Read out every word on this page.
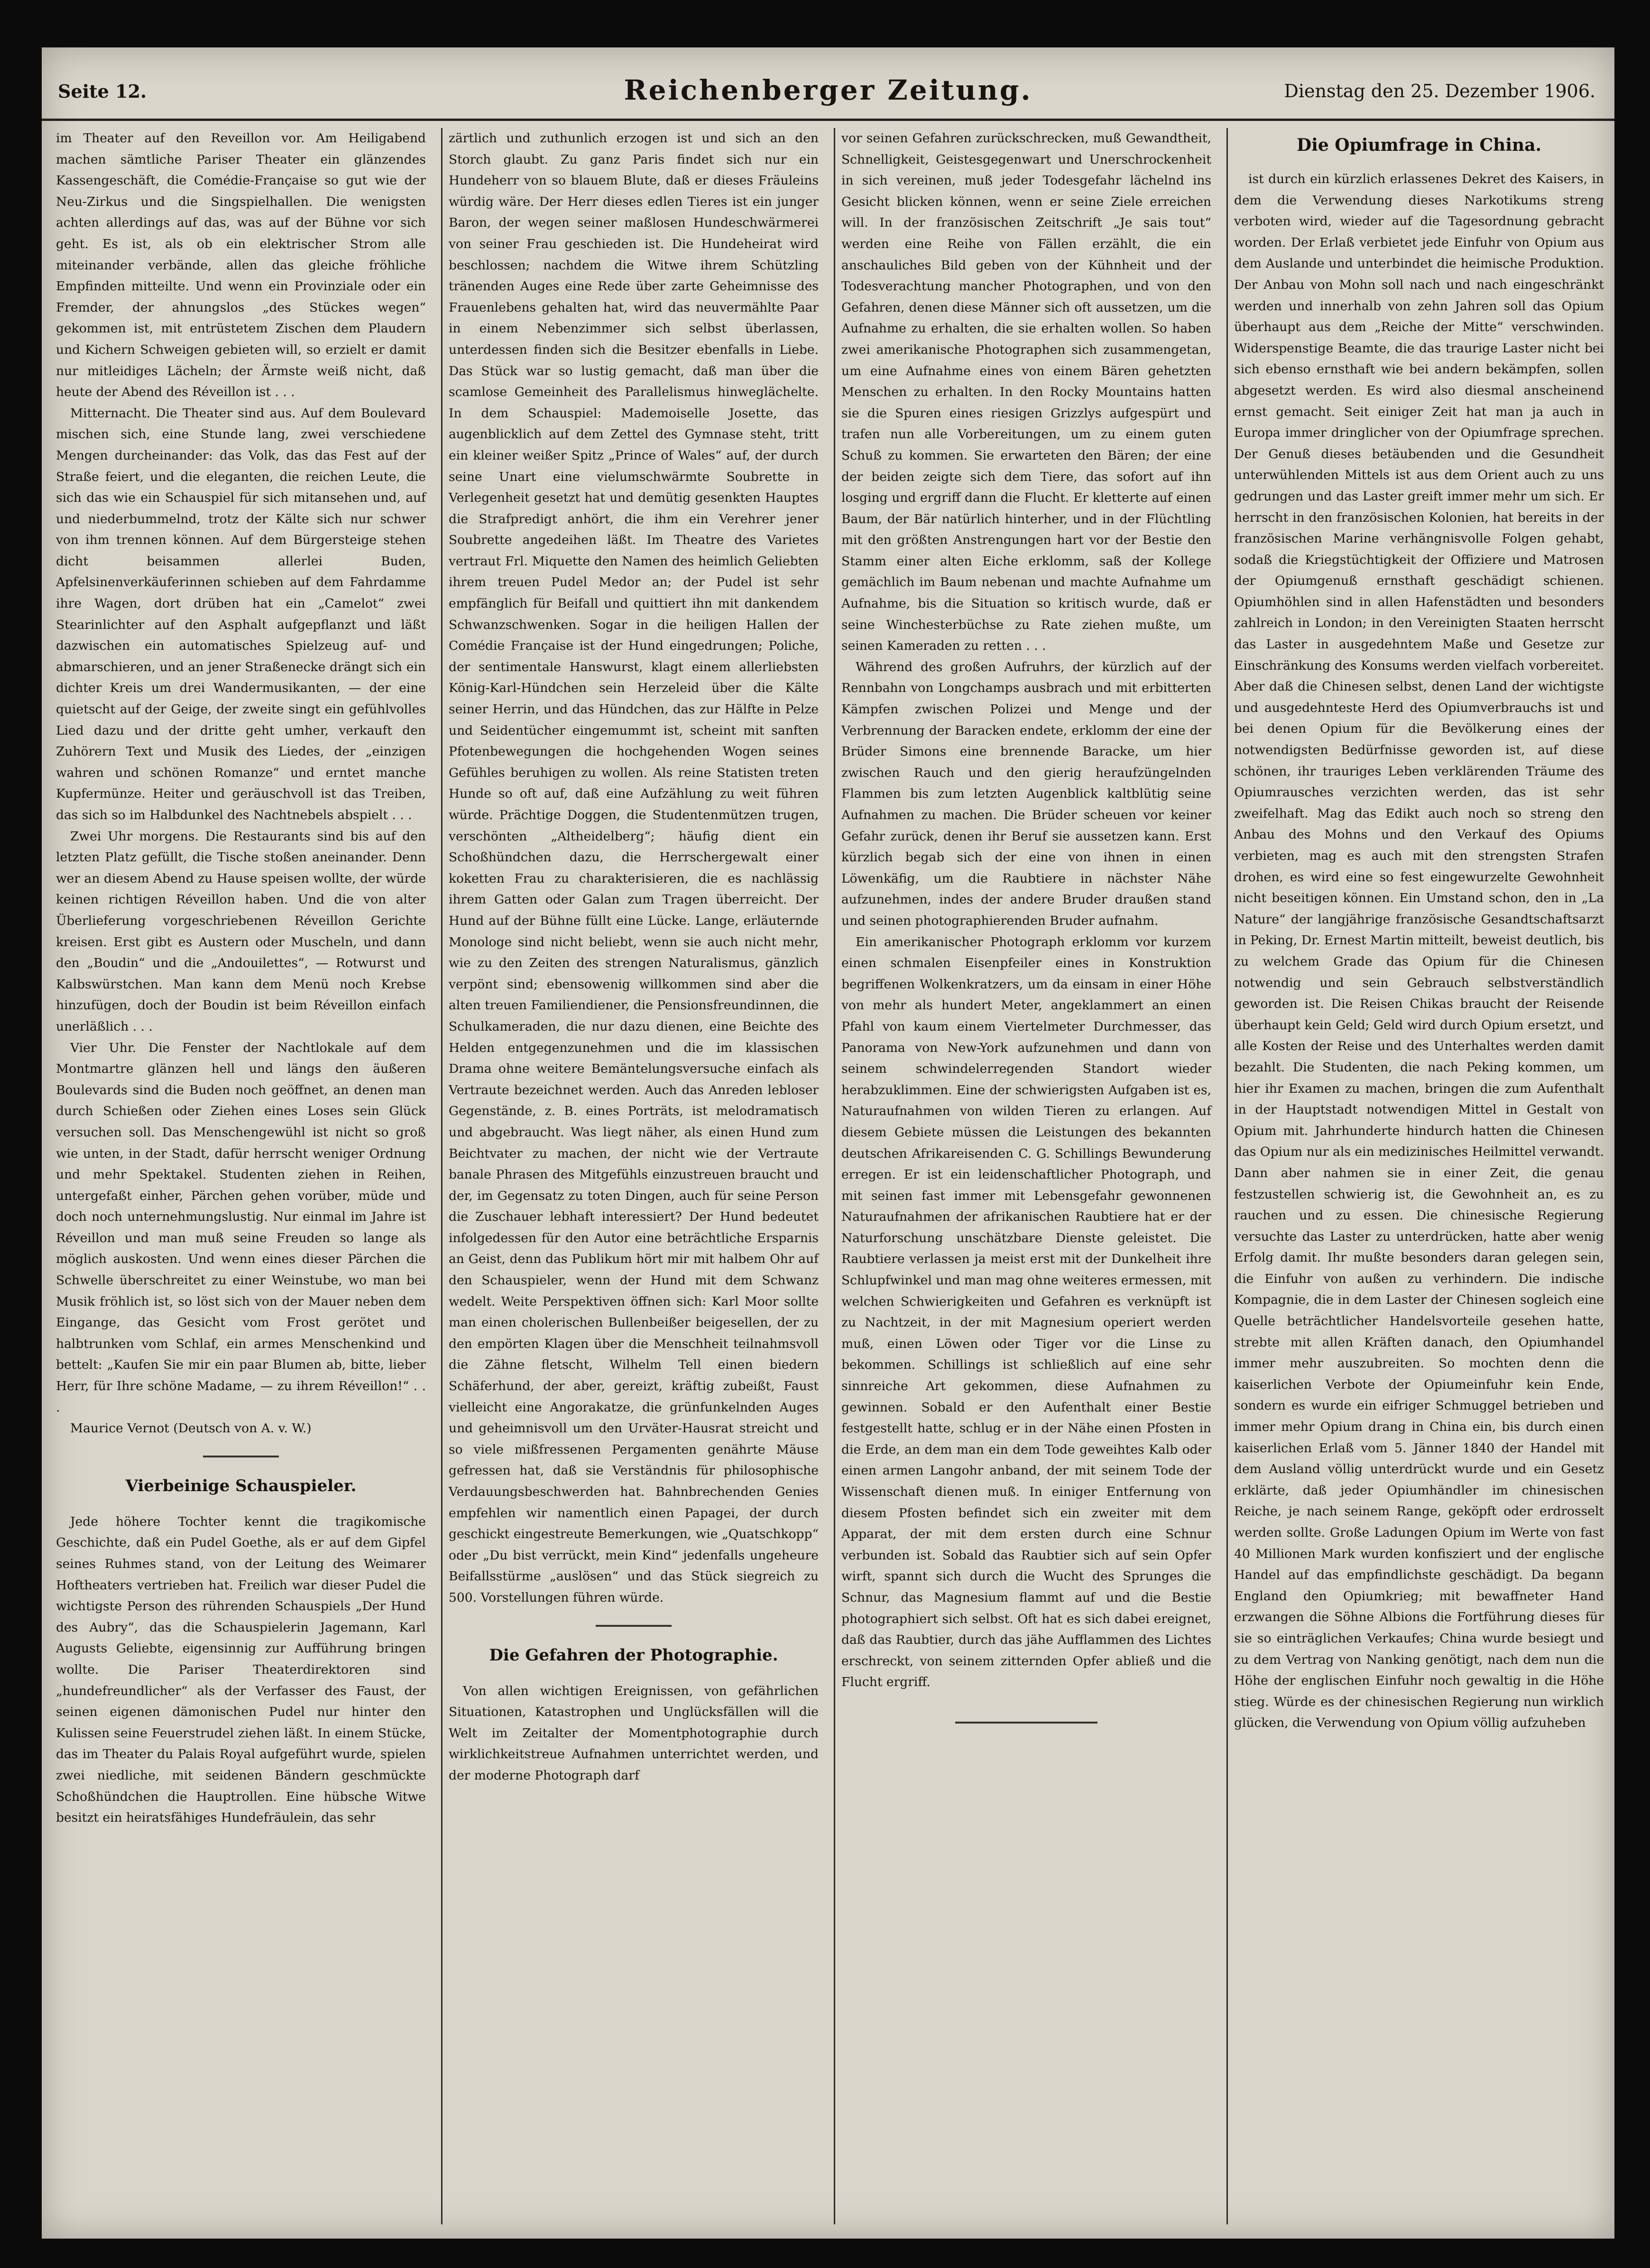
Seite 12.	Reichenberger Zeitung.	Dienstag den 25. Dezember 1906.

im Theater auf den Reveillon vor. Am Heiligabend machen sämtliche Pariser Theater ein glänzendes Kassengeschäft, die Comédie-Française so gut wie der Neu-Zirkus und die Singspielhallen. Die wenigsten achten allerdings auf das, was auf der Bühne vor sich geht. Es ist, als ob ein elektrischer Strom alle miteinander verbände, allen das gleiche fröhliche Empfinden mitteilte. Und wenn ein Provinziale oder ein Fremder, der ahnungslos „des Stückes wegen“ gekommen ist, mit entrüstetem Zischen dem Plaudern und Kichern Schweigen gebieten will, so erzielt er damit nur mitleidiges Lächeln; der Ärmste weiß nicht, daß heute der Abend des Réveillon ist . . .

Mitternacht. Die Theater sind aus. Auf dem Boulevard mischen sich, eine Stunde lang, zwei verschiedene Mengen durcheinander: das Volk, das das Fest auf der Straße feiert, und die eleganten, die reichen Leute, die sich das wie ein Schauspiel für sich mitansehen und, auf und niederbummelnd, trotz der Kälte sich nur schwer von ihm trennen können. Auf dem Bürgersteige stehen dicht beisammen allerlei Buden, Apfelsinenverkäuferinnen schieben auf dem Fahrdamme ihre Wagen, dort drüben hat ein „Camelot“ zwei Stearinlichter auf den Asphalt aufgepflanzt und läßt dazwischen ein automatisches Spielzeug auf- und abmarschieren, und an jener Straßenecke drängt sich ein dichter Kreis um drei Wandermusikanten, — der eine quietscht auf der Geige, der zweite singt ein gefühlvolles Lied dazu und der dritte geht umher, verkauft den Zuhörern Text und Musik des Liedes, der „einzigen wahren und schönen Romanze“ und erntet manche Kupfermünze. Heiter und geräuschvoll ist das Treiben, das sich so im Halbdunkel des Nachtnebels abspielt . . .

Zwei Uhr morgens. Die Restaurants sind bis auf den letzten Platz gefüllt, die Tische stoßen aneinander. Denn wer an diesem Abend zu Hause speisen wollte, der würde keinen richtigen Réveillon haben. Und die von alter Überlieferung vorgeschriebenen Réveillon Gerichte kreisen. Erst gibt es Austern oder Muscheln, und dann den „Boudin“ und die „Andouilettes“, — Rotwurst und Kalbswürstchen. Man kann dem Menü noch Krebse hinzufügen, doch der Boudin ist beim Réveillon einfach unerläßlich . . .

Vier Uhr. Die Fenster der Nachtlokale auf dem Montmartre glänzen hell und längs den äußeren Boulevards sind die Buden noch geöffnet, an denen man durch Schießen oder Ziehen eines Loses sein Glück versuchen soll. Das Menschengewühl ist nicht so groß wie unten, in der Stadt, dafür herrscht weniger Ordnung und mehr Spektakel. Studenten ziehen in Reihen, untergefaßt einher, Pärchen gehen vorüber, müde und doch noch unternehmungslustig. Nur einmal im Jahre ist Réveillon und man muß seine Freuden so lange als möglich auskosten. Und wenn eines dieser Pärchen die Schwelle überschreitet zu einer Weinstube, wo man bei Musik fröhlich ist, so löst sich von der Mauer neben dem Eingange, das Gesicht vom Frost gerötet und halbtrunken vom Schlaf, ein armes Menschenkind und bettelt: „Kaufen Sie mir ein paar Blumen ab, bitte, lieber Herr, für Ihre schöne Madame, — zu ihrem Réveillon!“ . . .

Maurice Vernot (Deutsch von A. v. W.)

Vierbeinige Schauspieler.

Jede höhere Tochter kennt die tragikomische Geschichte, daß ein Pudel Goethe, als er auf dem Gipfel seines Ruhmes stand, von der Leitung des Weimarer Hoftheaters vertrieben hat. Freilich war dieser Pudel die wichtigste Person des rührenden Schauspiels „Der Hund des Aubry“, das die Schauspielerin Jagemann, Karl Augusts Geliebte, eigensinnig zur Aufführung bringen wollte. Die Pariser Theaterdirektoren sind „hundefreundlicher“ als der Verfasser des Faust, der seinen eigenen dämonischen Pudel nur hinter den Kulissen seine Feuerstrudel ziehen läßt. In einem Stücke, das im Theater du Palais Royal aufgeführt wurde, spielen zwei niedliche, mit seidenen Bändern geschmückte Schoßhündchen die Hauptrollen. Eine hübsche Witwe besitzt ein heiratsfähiges Hundefräulein, das sehr

zärtlich und zuthunlich erzogen ist und sich an den Storch glaubt. Zu ganz Paris findet sich nur ein Hundeherr von so blauem Blute, daß er dieses Fräuleins würdig wäre. Der Herr dieses edlen Tieres ist ein junger Baron, der wegen seiner maßlosen Hundeschwärmerei von seiner Frau geschieden ist. Die Hundeheirat wird beschlossen; nachdem die Witwe ihrem Schützling tränenden Auges eine Rede über zarte Geheimnisse des Frauenlebens gehalten hat, wird das neuvermählte Paar in einem Nebenzimmer sich selbst überlassen, unterdessen finden sich die Besitzer ebenfalls in Liebe. Das Stück war so lustig gemacht, daß man über die scamlose Gemeinheit des Parallelismus hinweglächelte. In dem Schauspiel: Mademoiselle Josette, das augenblicklich auf dem Zettel des Gymnase steht, tritt ein kleiner weißer Spitz „Prince of Wales“ auf, der durch seine Unart eine vielumschwärmte Soubrette in Verlegenheit gesetzt hat und demütig gesenkten Hauptes die Strafpredigt anhört, die ihm ein Verehrer jener Soubrette angedeihen läßt. Im Theatre des Varietes vertraut Frl. Miquette den Namen des heimlich Geliebten ihrem treuen Pudel Medor an; der Pudel ist sehr empfänglich für Beifall und quittiert ihn mit dankendem Schwanzschwenken. Sogar in die heiligen Hallen der Comédie Française ist der Hund eingedrungen; Poliche, der sentimentale Hanswurst, klagt einem allerliebsten König-Karl-Hündchen sein Herzeleid über die Kälte seiner Herrin, und das Hündchen, das zur Hälfte in Pelze und Seidentücher eingemummt ist, scheint mit sanften Pfotenbewegungen die hochgehenden Wogen seines Gefühles beruhigen zu wollen. Als reine Statisten treten Hunde so oft auf, daß eine Aufzählung zu weit führen würde. Prächtige Doggen, die Studentenmützen trugen, verschönten „Altheidelberg“; häufig dient ein Schoßhündchen dazu, die Herrschergewalt einer koketten Frau zu charakterisieren, die es nachlässig ihrem Gatten oder Galan zum Tragen überreicht. Der Hund auf der Bühne füllt eine Lücke. Lange, erläuternde Monologe sind nicht beliebt, wenn sie auch nicht mehr, wie zu den Zeiten des strengen Naturalismus, gänzlich verpönt sind; ebensowenig willkommen sind aber die alten treuen Familiendiener, die Pensionsfreundinnen, die Schulkameraden, die nur dazu dienen, eine Beichte des Helden entgegenzunehmen und die im klassischen Drama ohne weitere Bemäntelungsversuche einfach als Vertraute bezeichnet werden. Auch das Anreden lebloser Gegenstände, z. B. eines Porträts, ist melodramatisch und abgebraucht. Was liegt näher, als einen Hund zum Beichtvater zu machen, der nicht wie der Vertraute banale Phrasen des Mitgefühls einzustreuen braucht und der, im Gegensatz zu toten Dingen, auch für seine Person die Zuschauer lebhaft interessiert? Der Hund bedeutet infolgedessen für den Autor eine beträchtliche Ersparnis an Geist, denn das Publikum hört mir mit halbem Ohr auf den Schauspieler, wenn der Hund mit dem Schwanz wedelt. Weite Perspektiven öffnen sich: Karl Moor sollte man einen cholerischen Bullenbeißer beigesellen, der zu den empörten Klagen über die Menschheit teilnahmsvoll die Zähne fletscht, Wilhelm Tell einen biedern Schäferhund, der aber, gereizt, kräftig zubeißt, Faust vielleicht eine Angorakatze, die grünfunkelnden Auges und geheimnisvoll um den Urväter-Hausrat streicht und so viele mißfressenen Pergamenten genährte Mäuse gefressen hat, daß sie Verständnis für philosophische Verdauungsbeschwerden hat. Bahnbrechenden Genies empfehlen wir namentlich einen Papagei, der durch geschickt eingestreute Bemerkungen, wie „Quatschkopp“ oder „Du bist verrückt, mein Kind“ jedenfalls ungeheure Beifallsstürme „auslösen“ und das Stück siegreich zu 500. Vorstellungen führen würde.

Die Gefahren der Photographie.

Von allen wichtigen Ereignissen, von gefährlichen Situationen, Katastrophen und Unglücksfällen will die Welt im Zeitalter der Momentphotographie durch wirklichkeitstreue Aufnahmen unterrichtet werden, und der moderne Photograph darf

vor seinen Gefahren zurückschrecken, muß Gewandtheit, Schnelligkeit, Geistesgegenwart und Unerschrockenheit in sich vereinen, muß jeder Todesgefahr lächelnd ins Gesicht blicken können, wenn er seine Ziele erreichen will. In der französischen Zeitschrift „Je sais tout“ werden eine Reihe von Fällen erzählt, die ein anschauliches Bild geben von der Kühnheit und der Todesverachtung mancher Photographen, und von den Gefahren, denen diese Männer sich oft aussetzen, um die Aufnahme zu erhalten, die sie erhalten wollen. So haben zwei amerikanische Photographen sich zusammengetan, um eine Aufnahme eines von einem Bären gehetzten Menschen zu erhalten. In den Rocky Mountains hatten sie die Spuren eines riesigen Grizzlys aufgespürt und trafen nun alle Vorbereitungen, um zu einem guten Schuß zu kommen. Sie erwarteten den Bären; der eine der beiden zeigte sich dem Tiere, das sofort auf ihn losging und ergriff dann die Flucht. Er kletterte auf einen Baum, der Bär natürlich hinterher, und in der Flüchtling mit den größten Anstrengungen hart vor der Bestie den Stamm einer alten Eiche erklomm, saß der Kollege gemächlich im Baum nebenan und machte Aufnahme um Aufnahme, bis die Situation so kritisch wurde, daß er seine Winchesterbüchse zu Rate ziehen mußte, um seinen Kameraden zu retten . . .

Während des großen Aufruhrs, der kürzlich auf der Rennbahn von Longchamps ausbrach und mit erbitterten Kämpfen zwischen Polizei und Menge und der Verbrennung der Baracken endete, erklomm der eine der Brüder Simons eine brennende Baracke, um hier zwischen Rauch und den gierig heraufzüngelnden Flammen bis zum letzten Augenblick kaltblütig seine Aufnahmen zu machen. Die Brüder scheuen vor keiner Gefahr zurück, denen ihr Beruf sie aussetzen kann. Erst kürzlich begab sich der eine von ihnen in einen Löwenkäfig, um die Raubtiere in nächster Nähe aufzunehmen, indes der andere Bruder draußen stand und seinen photographierenden Bruder aufnahm.

Ein amerikanischer Photograph erklomm vor kurzem einen schmalen Eisenpfeiler eines in Konstruktion begriffenen Wolkenkratzers, um da einsam in einer Höhe von mehr als hundert Meter, angeklammert an einen Pfahl von kaum einem Viertelmeter Durchmesser, das Panorama von New-York aufzunehmen und dann von seinem schwindelerregenden Standort wieder herabzuklimmen. Eine der schwierigsten Aufgaben ist es, Naturaufnahmen von wilden Tieren zu erlangen. Auf diesem Gebiete müssen die Leistungen des bekannten deutschen Afrikareisenden C. G. Schillings Bewunderung erregen. Er ist ein leidenschaftlicher Photograph, und mit seinen fast immer mit Lebensgefahr gewonnenen Naturaufnahmen der afrikanischen Raubtiere hat er der Naturforschung unschätzbare Dienste geleistet. Die Raubtiere verlassen ja meist erst mit der Dunkelheit ihre Schlupfwinkel und man mag ohne weiteres ermessen, mit welchen Schwierigkeiten und Gefahren es verknüpft ist zu Nachtzeit, in der mit Magnesium operiert werden muß, einen Löwen oder Tiger vor die Linse zu bekommen. Schillings ist schließlich auf eine sehr sinnreiche Art gekommen, diese Aufnahmen zu gewinnen. Sobald er den Aufenthalt einer Bestie festgestellt hatte, schlug er in der Nähe einen Pfosten in die Erde, an dem man ein dem Tode geweihtes Kalb oder einen armen Langohr anband, der mit seinem Tode der Wissenschaft dienen muß. In einiger Entfernung von diesem Pfosten befindet sich ein zweiter mit dem Apparat, der mit dem ersten durch eine Schnur verbunden ist. Sobald das Raubtier sich auf sein Opfer wirft, spannt sich durch die Wucht des Sprunges die Schnur, das Magnesium flammt auf und die Bestie photographiert sich selbst. Oft hat es sich dabei ereignet, daß das Raubtier, durch das jähe Aufflammen des Lichtes erschreckt, von seinem zitternden Opfer abließ und die Flucht ergriff.

Die Opiumfrage in China.

ist durch ein kürzlich erlassenes Dekret des Kaisers, in dem die Verwendung dieses Narkotikums streng verboten wird, wieder auf die Tagesordnung gebracht worden. Der Erlaß verbietet jede Einfuhr von Opium aus dem Auslande und unterbindet die heimische Produktion. Der Anbau von Mohn soll nach und nach eingeschränkt werden und innerhalb von zehn Jahren soll das Opium überhaupt aus dem „Reiche der Mitte“ verschwinden. Widerspenstige Beamte, die das traurige Laster nicht bei sich ebenso ernsthaft wie bei andern bekämpfen, sollen abgesetzt werden. Es wird also diesmal anscheinend ernst gemacht. Seit einiger Zeit hat man ja auch in Europa immer dringlicher von der Opiumfrage sprechen. Der Genuß dieses betäubenden und die Gesundheit unterwühlenden Mittels ist aus dem Orient auch zu uns gedrungen und das Laster greift immer mehr um sich. Er herrscht in den französischen Kolonien, hat bereits in der französischen Marine verhängnisvolle Folgen gehabt, sodaß die Kriegstüchtigkeit der Offiziere und Matrosen der Opiumgenuß ernsthaft geschädigt schienen. Opiumhöhlen sind in allen Hafenstädten und besonders zahlreich in London; in den Vereinigten Staaten herrscht das Laster in ausgedehntem Maße und Gesetze zur Einschränkung des Konsums werden vielfach vorbereitet. Aber daß die Chinesen selbst, denen Land der wichtigste und ausgedehnteste Herd des Opiumverbrauchs ist und bei denen Opium für die Bevölkerung eines der notwendigsten Bedürfnisse geworden ist, auf diese schönen, ihr trauriges Leben verklärenden Träume des Opiumrausches verzichten werden, das ist sehr zweifelhaft. Mag das Edikt auch noch so streng den Anbau des Mohns und den Verkauf des Opiums verbieten, mag es auch mit den strengsten Strafen drohen, es wird eine so fest eingewurzelte Gewohnheit nicht beseitigen können. Ein Umstand schon, den in „La Nature“ der langjährige französische Gesandtschaftsarzt in Peking, Dr. Ernest Martin mitteilt, beweist deutlich, bis zu welchem Grade das Opium für die Chinesen notwendig und sein Gebrauch selbstverständlich geworden ist. Die Reisen Chikas braucht der Reisende überhaupt kein Geld; Geld wird durch Opium ersetzt, und alle Kosten der Reise und des Unterhaltes werden damit bezahlt. Die Studenten, die nach Peking kommen, um hier ihr Examen zu machen, bringen die zum Aufenthalt in der Hauptstadt notwendigen Mittel in Gestalt von Opium mit. Jahrhunderte hindurch hatten die Chinesen das Opium nur als ein medizinisches Heilmittel verwandt. Dann aber nahmen sie in einer Zeit, die genau festzustellen schwierig ist, die Gewohnheit an, es zu rauchen und zu essen. Die chinesische Regierung versuchte das Laster zu unterdrücken, hatte aber wenig Erfolg damit. Ihr mußte besonders daran gelegen sein, die Einfuhr von außen zu verhindern. Die indische Kompagnie, die in dem Laster der Chinesen sogleich eine Quelle beträchtlicher Handelsvorteile gesehen hatte, strebte mit allen Kräften danach, den Opiumhandel immer mehr auszubreiten. So mochten denn die kaiserlichen Verbote der Opiumeinfuhr kein Ende, sondern es wurde ein eifriger Schmuggel betrieben und immer mehr Opium drang in China ein, bis durch einen kaiserlichen Erlaß vom 5. Jänner 1840 der Handel mit dem Ausland völlig unterdrückt wurde und ein Gesetz erklärte, daß jeder Opiumhändler im chinesischen Reiche, je nach seinem Range, geköpft oder erdrosselt werden sollte. Große Ladungen Opium im Werte von fast 40 Millionen Mark wurden konfisziert und der englische Handel auf das empfindlichste geschädigt. Da begann England den Opiumkrieg; mit bewaffneter Hand erzwangen die Söhne Albions die Fortführung dieses für sie so einträglichen Verkaufes; China wurde besiegt und zu dem Vertrag von Nanking genötigt, nach dem nun die Höhe der englischen Einfuhr noch gewaltig in die Höhe stieg. Würde es der chinesischen Regierung nun wirklich glücken, die Verwendung von Opium völlig aufzuheben
